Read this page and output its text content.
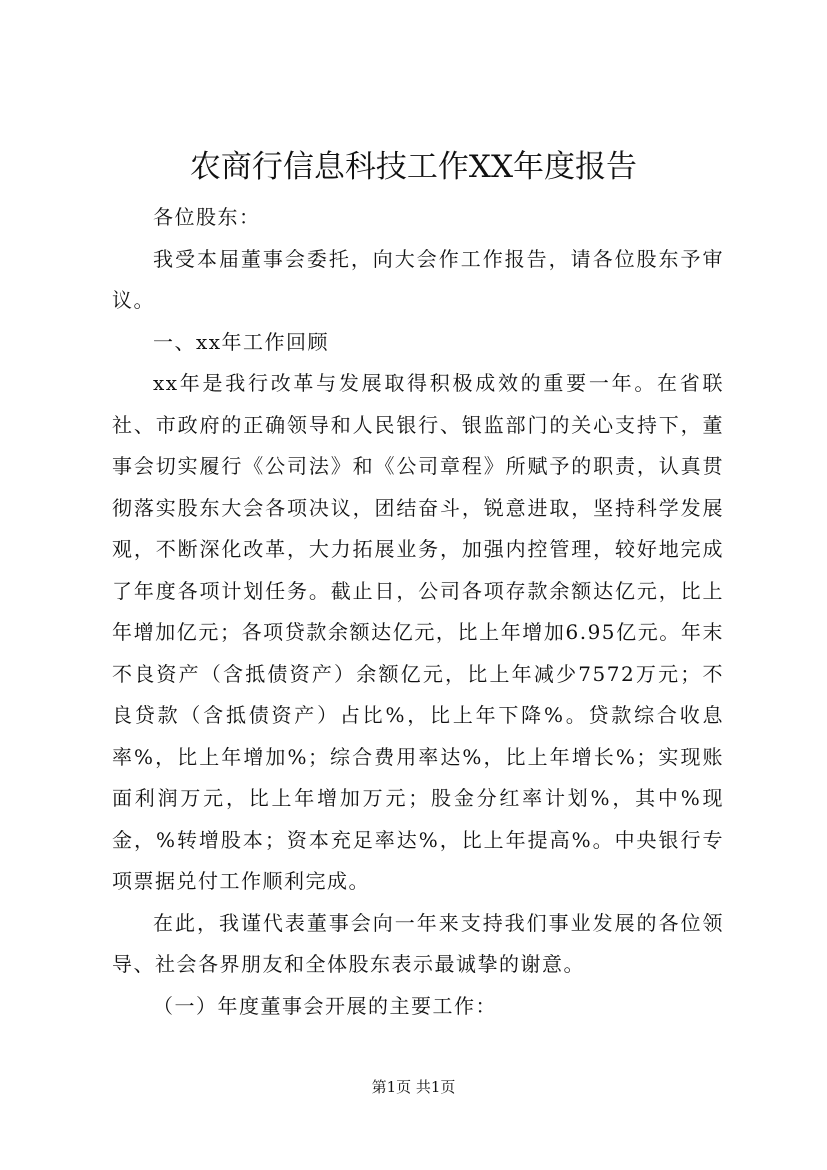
农商行信息科技工作XX年度报告

各位股东：

我受本届董事会委托，向大会作工作报告，请各位股东予审议。

一、xx年工作回顾

xx年是我行改革与发展取得积极成效的重要一年。在省联社、市政府的正确领导和人民银行、银监部门的关心支持下，董事会切实履行《公司法》和《公司章程》所赋予的职责，认真贯彻落实股东大会各项决议，团结奋斗，锐意进取，坚持科学发展观，不断深化改革，大力拓展业务，加强内控管理，较好地完成了年度各项计划任务。截止日，公司各项存款余额达亿元，比上年增加亿元；各项贷款余额达亿元，比上年增加6.95亿元。年末不良资产（含抵债资产）余额亿元，比上年减少7572万元；不良贷款（含抵债资产）占比%，比上年下降%。贷款综合收息率%，比上年增加%；综合费用率达%，比上年增长%；实现账面利润万元，比上年增加万元；股金分红率计划%，其中%现金，%转增股本；资本充足率达%，比上年提高%。中央银行专项票据兑付工作顺利完成。

在此，我谨代表董事会向一年来支持我们事业发展的各位领导、社会各界朋友和全体股东表示最诚挚的谢意。

（一）年度董事会开展的主要工作：

第1页 共1页
